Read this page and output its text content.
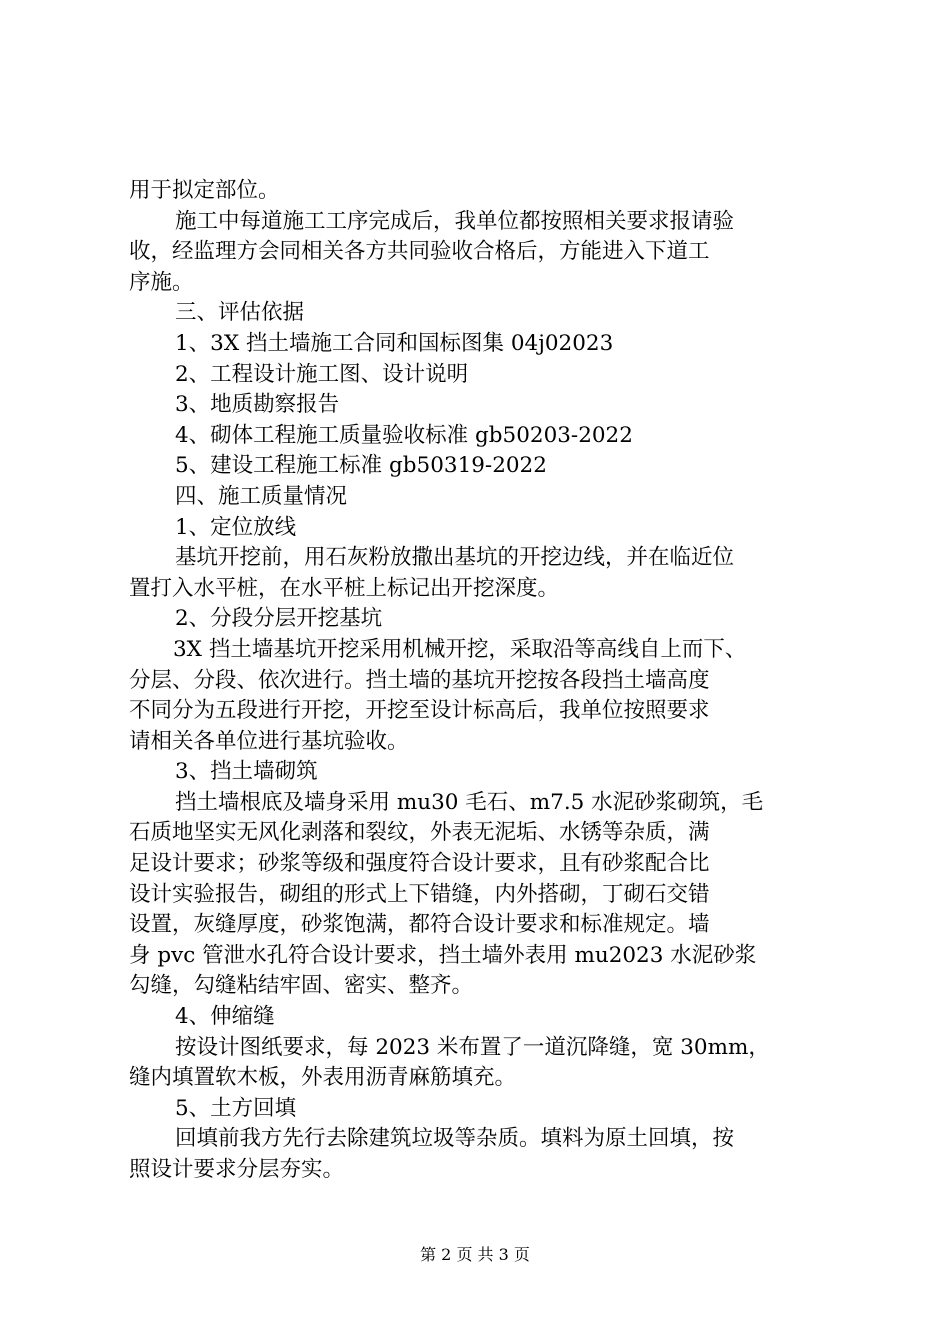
用于拟定部位。
施工中每道施工工序完成后，我单位都按照相关要求报请验
收，经监理方会同相关各方共同验收合格后，方能进入下道工
序施。
三、评估依据
1、3X 挡土墙施工合同和国标图集 04j02023
2、工程设计施工图、设计说明
3、地质勘察报告
4、砌体工程施工质量验收标准 gb50203-2022
5、建设工程施工标准 gb50319-2022
四、施工质量情况
1、定位放线
基坑开挖前，用石灰粉放撒出基坑的开挖边线，并在临近位
置打入水平桩，在水平桩上标记出开挖深度。
2、分段分层开挖基坑
3X 挡土墙基坑开挖采用机械开挖，采取沿等高线自上而下、
分层、分段、依次进行。挡土墙的基坑开挖按各段挡土墙高度
不同分为五段进行开挖，开挖至设计标高后，我单位按照要求
请相关各单位进行基坑验收。
3、挡土墙砌筑
挡土墙根底及墙身采用 mu30 毛石、m7.5 水泥砂浆砌筑，毛
石质地坚实无风化剥落和裂纹，外表无泥垢、水锈等杂质，满
足设计要求；砂浆等级和强度符合设计要求，且有砂浆配合比
设计实验报告，砌组的形式上下错缝，内外搭砌，丁砌石交错
设置，灰缝厚度，砂浆饱满，都符合设计要求和标准规定。墙
身 pvc 管泄水孔符合设计要求，挡土墙外表用 mu2023 水泥砂浆
勾缝，勾缝粘结牢固、密实、整齐。
4、伸缩缝
按设计图纸要求，每 2023 米布置了一道沉降缝，宽 30mm，
缝内填置软木板，外表用沥青麻筋填充。
5、土方回填
回填前我方先行去除建筑垃圾等杂质。填料为原土回填，按
照设计要求分层夯实。
第 2 页 共 3 页
